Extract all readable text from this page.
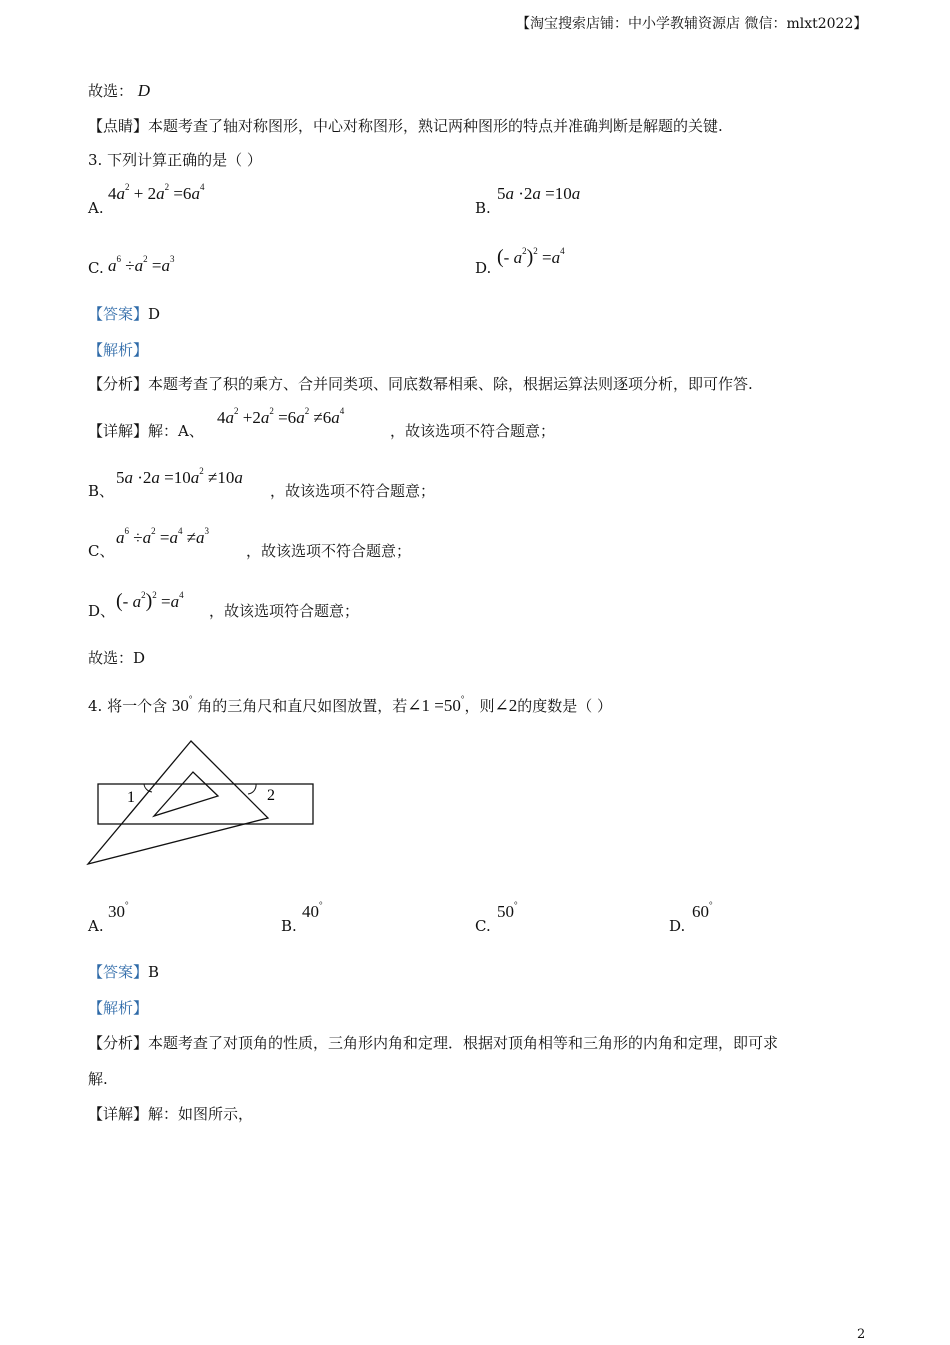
【淘宝搜索店铺：中小学教辅资源店 微信：mlxt2022】
故选： D
【点睛】本题考查了轴对称图形，中心对称图形，熟记两种图形的特点并准确判断是解题的关键.
3. 下列计算正确的是（ ）
A.
$4a^2 + 2a^2 =6a^4$
B.
5a ·2a =10a
C. $a^6 \div a^2 =a^3$	D. (- $a^2)^2 =a^4$
【答案】D
【解析】
【分析】本题考查了积的乘方、合并同类项、同底数幂相乘、除，根据运算法则逐项分析，即可作答.
【详解】解：A、
$4a^2 +2a^2 =6a^2 \ne 6a^4$
，故该选项不符合题意；
B、
$5a \cdot 2a =10a^2 \ne 10a$
，故该选项不符合题意；
C、
$a^6 \div a^2 =a^4 \ne a^3$
，故该选项不符合题意；
D、 (- $a^2)^2 =a^4$
，故该选项符合题意；
故选：D
4. 将一个含 30° 角的三角尺和直尺如图放置，若∠1 =50°，则∠2的度数是（ ）
1	2
A.
30°
B.
40°
C.
50°
D.
60°
【答案】B
【解析】
【分析】本题考查了对顶角的性质，三角形内角和定理．根据对顶角相等和三角形的内角和定理，即可求
解.
【详解】解：如图所示，
2
